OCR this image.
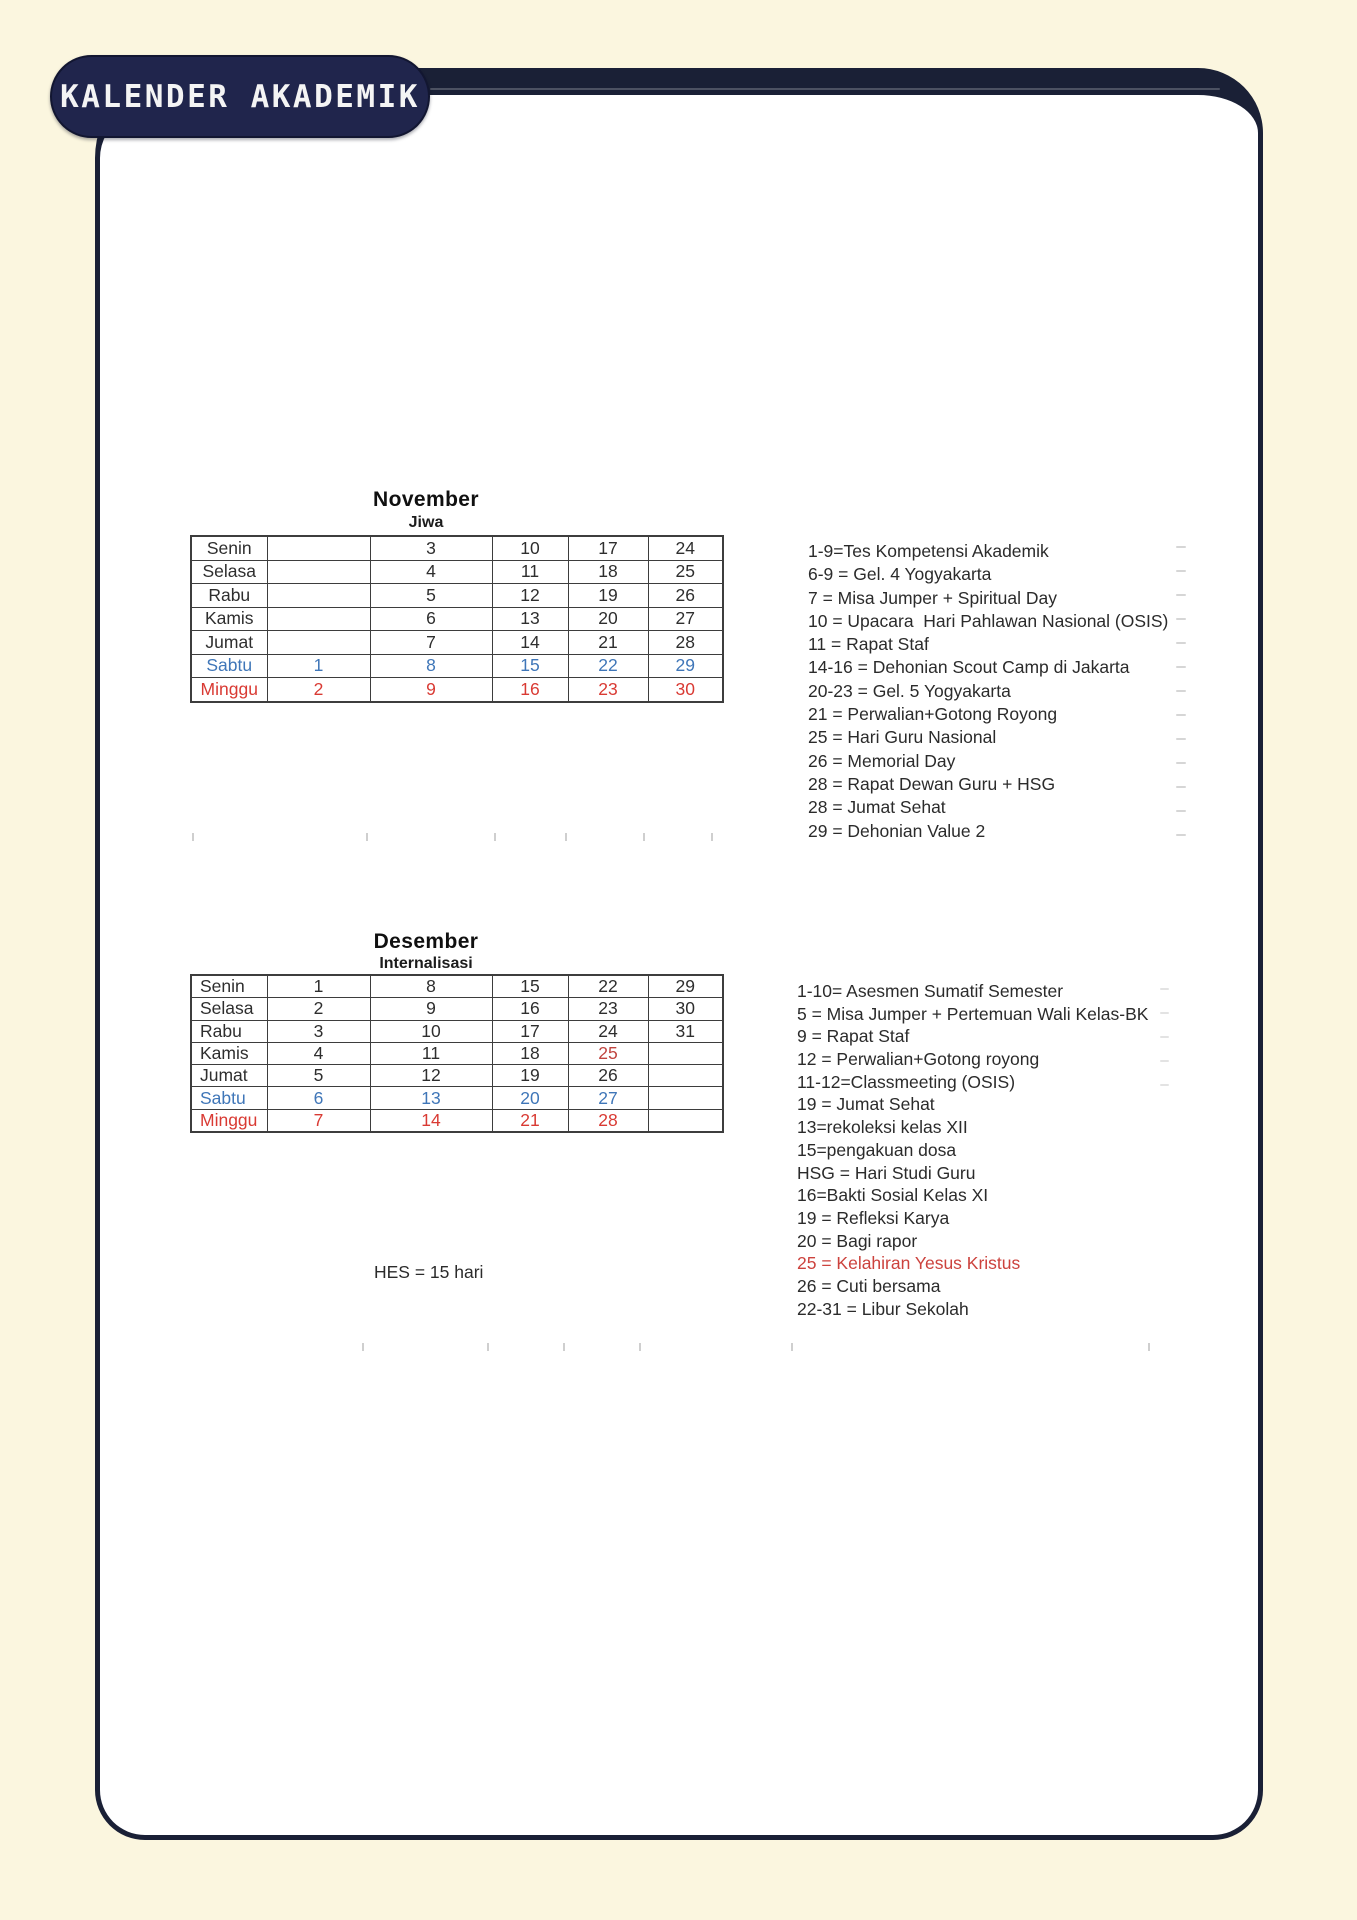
KALENDER AKADEMIK
November
Jiwa
Senin		3	10	17	24
Selasa		4	11	18	25
Rabu		5	12	19	26
Kamis		6	13	20	27
Jumat		7	14	21	28
Sabtu	1	8	15	22	29
Minggu	2	9	16	23	30
1-9=Tes Kompetensi Akademik
6-9 = Gel. 4 Yogyakarta
7 = Misa Jumper + Spiritual Day
10 = Upacara  Hari Pahlawan Nasional (OSIS)
11 = Rapat Staf
14-16 = Dehonian Scout Camp di Jakarta
20-23 = Gel. 5 Yogyakarta
21 = Perwalian+Gotong Royong
25 = Hari Guru Nasional
26 = Memorial Day
28 = Rapat Dewan Guru + HSG
28 = Jumat Sehat
29 = Dehonian Value 2
Desember
Internalisasi
Senin	1	8	15	22	29
Selasa	2	9	16	23	30
Rabu	3	10	17	24	31
Kamis	4	11	18	25	
Jumat	5	12	19	26	
Sabtu	6	13	20	27	
Minggu	7	14	21	28	
1-10= Asesmen Sumatif Semester
5 = Misa Jumper + Pertemuan Wali Kelas-BK
9 = Rapat Staf
12 = Perwalian+Gotong royong
11-12=Classmeeting (OSIS)
19 = Jumat Sehat
13=rekoleksi kelas XII
15=pengakuan dosa
HSG = Hari Studi Guru
16=Bakti Sosial Kelas XI
19 = Refleksi Karya
20 = Bagi rapor
25 = Kelahiran Yesus Kristus
26 = Cuti bersama
22-31 = Libur Sekolah
HES = 15 hari
